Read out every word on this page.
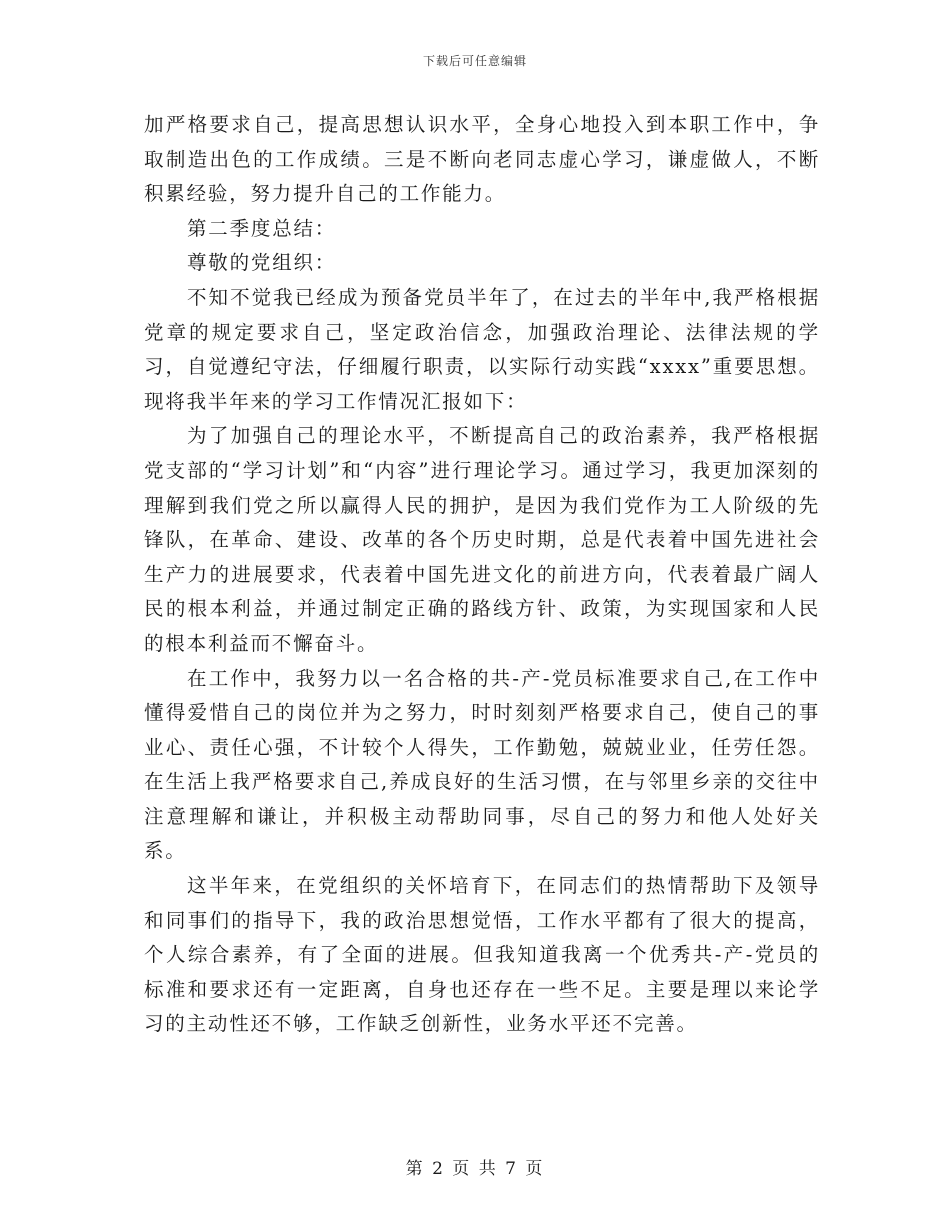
下载后可任意编辑

加严格要求自己，提高思想认识水平，全身心地投入到本职工作中，争取制造出色的工作成绩。三是不断向老同志虚心学习，谦虚做人，不断积累经验，努力提升自己的工作能力。

第二季度总结：

尊敬的党组织：

不知不觉我已经成为预备党员半年了，在过去的半年中,我严格根据党章的规定要求自己，坚定政治信念，加强政治理论、法律法规的学习，自觉遵纪守法，仔细履行职责，以实际行动实践“xxxx”重要思想。现将我半年来的学习工作情况汇报如下：

为了加强自己的理论水平，不断提高自己的政治素养，我严格根据党支部的“学习计划”和“内容”进行理论学习。通过学习，我更加深刻的理解到我们党之所以赢得人民的拥护，是因为我们党作为工人阶级的先锋队，在革命、建设、改革的各个历史时期，总是代表着中国先进社会生产力的进展要求，代表着中国先进文化的前进方向，代表着最广阔人民的根本利益，并通过制定正确的路线方针、政策，为实现国家和人民的根本利益而不懈奋斗。

在工作中，我努力以一名合格的共-产-党员标准要求自己,在工作中懂得爱惜自己的岗位并为之努力，时时刻刻严格要求自己，使自己的事业心、责任心强，不计较个人得失，工作勤勉，兢兢业业，任劳任怨。在生活上我严格要求自己,养成良好的生活习惯，在与邻里乡亲的交往中注意理解和谦让，并积极主动帮助同事，尽自己的努力和他人处好关系。

这半年来，在党组织的关怀培育下，在同志们的热情帮助下及领导和同事们的指导下，我的政治思想觉悟，工作水平都有了很大的提高，个人综合素养，有了全面的进展。但我知道我离一个优秀共-产-党员的标准和要求还有一定距离，自身也还存在一些不足。主要是理以来论学习的主动性还不够，工作缺乏创新性，业务水平还不完善。

第 2 页 共 7 页
